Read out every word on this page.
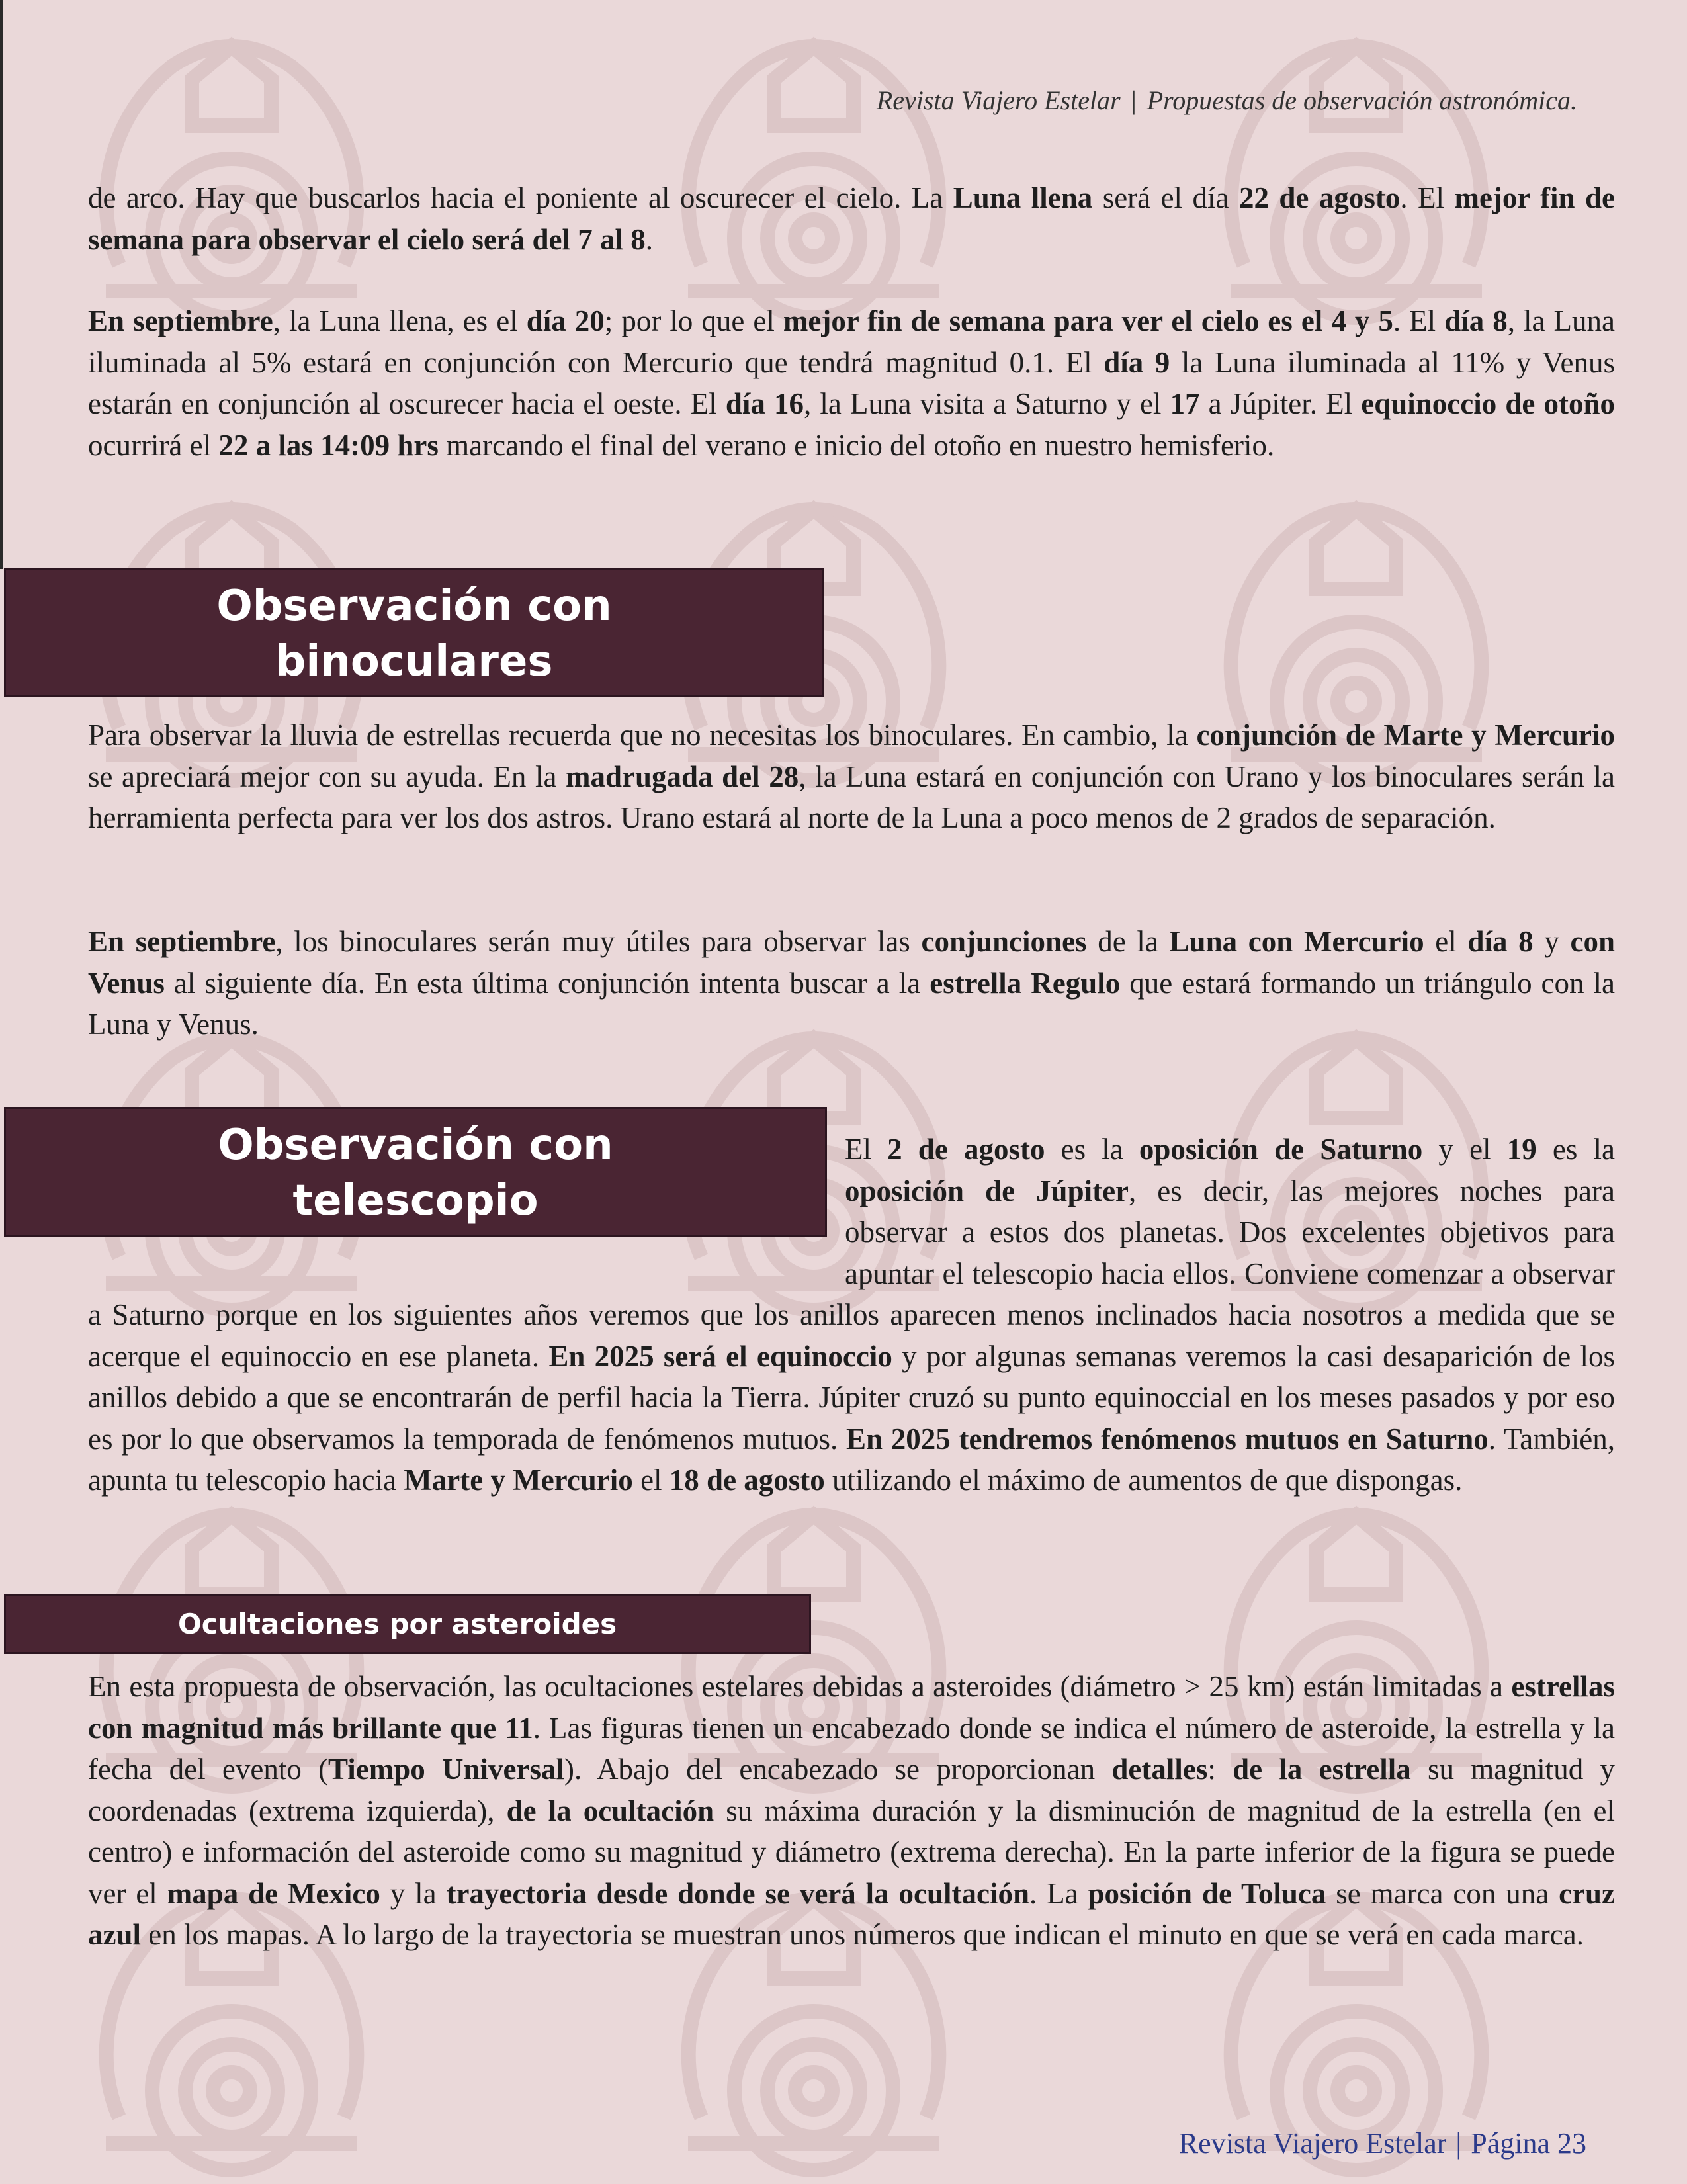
Revista Viajero Estelar | Propuestas de observación astronómica.

de arco. Hay que buscarlos hacia el poniente al oscurecer el cielo. La Luna llena será el día 22 de agosto. El mejor fin de semana para observar el cielo será del 7 al 8.

En septiembre, la Luna llena, es el día 20; por lo que el mejor fin de semana para ver el cielo es el 4 y 5. El día 8, la Luna iluminada al 5% estará en conjunción con Mercurio que tendrá magnitud 0.1. El día 9 la Luna iluminada al 11% y Venus estarán en conjunción al oscurecer hacia el oeste. El día 16, la Luna visita a Saturno y el 17 a Júpiter. El equinoccio de otoño ocurrirá el 22 a las 14:09 hrs marcando el final del verano e inicio del otoño en nuestro hemisferio.

Observación con
binoculares

Para observar la lluvia de estrellas recuerda que no necesitas los binoculares. En cambio, la conjunción de Marte y Mercurio se apreciará mejor con su ayuda. En la madrugada del 28, la Luna estará en conjunción con Urano y los binoculares serán la herramienta perfecta para ver los dos astros. Urano estará al norte de la Luna a poco menos de 2 grados de separación.

En septiembre, los binoculares serán muy útiles para observar las conjunciones de la Luna con Mercurio el día 8 y con Venus al siguiente día. En esta última conjunción intenta buscar a la estrella Regulo que estará formando un triángulo con la Luna y Venus.

El 2 de agosto es la oposición de Saturno y el 19 es la oposición de Júpiter, es decir, las mejores noches para observar a estos dos planetas. Dos excelentes objetivos para apuntar el telescopio hacia ellos. Conviene comenzar a observar a Saturno porque en los siguientes años veremos que los anillos aparecen menos inclinados hacia nosotros a medida que se acerque el equinoccio en ese planeta. En 2025 será el equinoccio y por algunas semanas veremos la casi desaparición de los anillos debido a que se encontrarán de perfil hacia la Tierra. Júpiter cruzó su punto equinoccial en los meses pasados y por eso es por lo que observamos la temporada de fenómenos mutuos. En 2025 tendremos fenómenos mutuos en Saturno. También, apunta tu telescopio hacia Marte y Mercurio el 18 de agosto utilizando el máximo de aumentos de que dispongas.
Observación con
telescopio
Ocultaciones por asteroides

En esta propuesta de observación, las ocultaciones estelares debidas a asteroides (diámetro > 25 km) están limitadas a estrellas con magnitud más brillante que 11. Las figuras tienen un encabezado donde se indica el número de asteroide, la estrella y la fecha del evento (Tiempo Universal). Abajo del encabezado se proporcionan detalles: de la estrella su magnitud y coordenadas (extrema izquierda), de la ocultación su máxima duración y la disminución de magnitud de la estrella (en el centro) e información del asteroide como su magnitud y diámetro (extrema derecha). En la parte inferior de la figura se puede ver el mapa de Mexico y la trayectoria desde donde se verá la ocultación. La posición de Toluca se marca con una cruz azul en los mapas. A lo largo de la trayectoria se muestran unos números que indican el minuto en que se verá en cada marca.

Revista Viajero Estelar | Página 23
